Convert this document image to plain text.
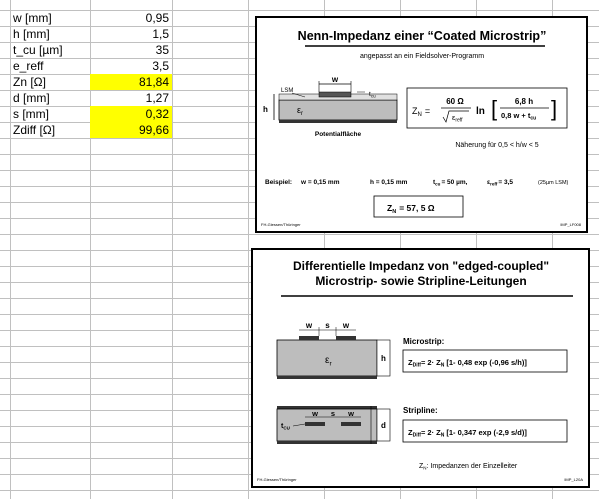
w [mm]	0,95
h [mm]	1,5
t_cu [µm]	35
e_reff	3,5
Zn [Ω]	81,84
d [mm]	1,27
s [mm]	0,32
Zdiff [Ω]	99,66
Nenn-Impedanz einer “Coated Microstrip”
angepasst an ein Fieldsolver-Programm
w
LSM
h
$t_{cu}$
$\varepsilon_r$
Potentialfläche
$Z_N$ =
60 Ω
$\varepsilon_{reff}$
ln [ 6,8 h
0,8 $w + t_{cu}$ ]
Näherung für 0,5 < h/w < 5
Beispiel: w = 0,15 mm	h = 0,15 mm	$t_{cu}= 50$ µm,	$\varepsilon_{reff}= 3,5$	(25µm LSM)
$Z_N = 57$, 5 Ω
FH-Giessen/Thüringer	IMP_LF008
Differentielle Impedanz von "edged-coupled"
Microstrip- sowie Stripline-Leitungen
w s w
$\varepsilon_r$
h
Microstrip:
$Z_{Diff}= 2\cdot Z_N$ [1- 0,48 exp (-0,96 s/h)]
w s w
$t_{CU}$	d
Stripline:
$Z_{Diff}= 2\cdot Z_N$ [1- 0,347 exp (-2,9 s/d)]
$Z_N$: Impedanzen der Einzelleiter
FH-Giessen/Thüringer	IMP_L20A
